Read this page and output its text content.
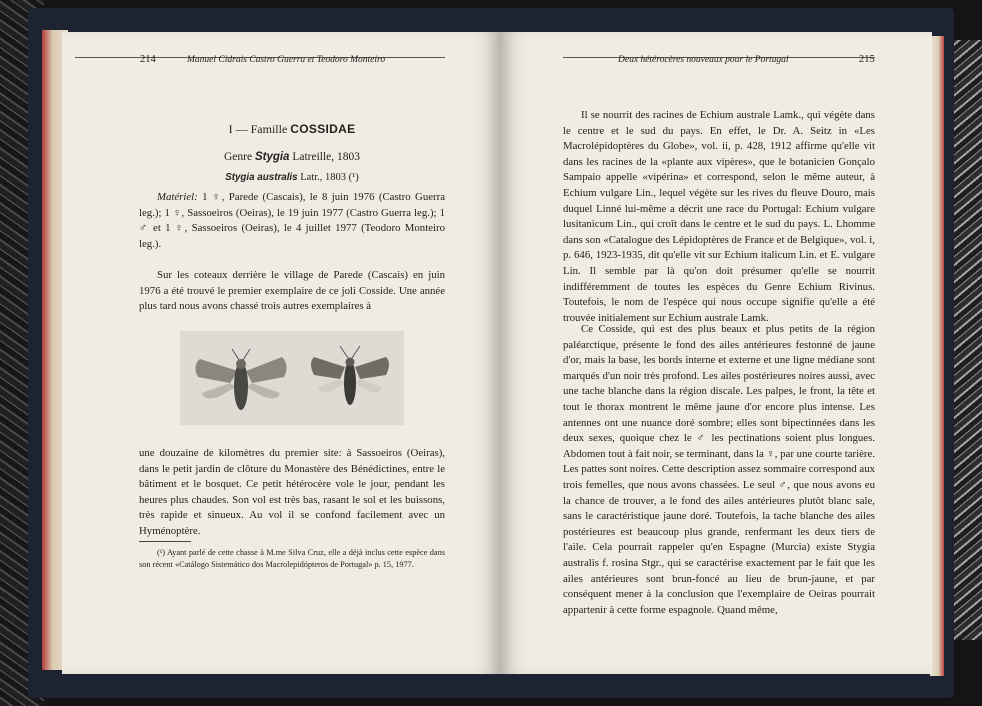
214	Manuel Cidrais Castro Guerra et Teodoro Monteiro	Deux hétérocères nouveaux pour le Portugal	215
I — Famille COSSIDAE
Genre Stygia Latreille, 1803
Stygia australis Latr., 1803 (¹)

Matériel: 1 ♀, Parede (Cascais), le 8 juin 1976 (Castro Guerra leg.); 1 ♀, Sassoeiros (Oeiras), le 19 juin 1977 (Castro Guerra leg.); 1 ♂ et 1 ♀, Sassoeiros (Oeiras), le 4 juillet 1977 (Teodoro Monteiro leg.).

Sur les coteaux derrière le village de Parede (Cascais) en juin 1976 a été trouvé le premier exemplaire de ce joli Cosside. Une année plus tard nous avons chassé trois autres exemplaires à

une douzaine de kilomètres du premier site: à Sassoeiros (Oeiras), dans le petit jardin de clôture du Monastère des Bénédictines, entre le bâtiment et le bosquet. Ce petit hétérocère vole le jour, pendant les heures plus chaudes. Son vol est très bas, rasant le sol et les buissons, très rapide et sinueux. Au vol il se confond facilement avec un Hyménoptère.

(¹) Ayant parlé de cette chasse à M.me Silva Cruz, elle a déjà inclus cette espèce dans son récent «Catálogo Sistemático dos Macrolepidópteros de Portugal» p. 15, 1977.

Il se nourrit des racines de Echium australe Lamk., qui végète dans le centre et le sud du pays. En effet, le Dr. A. Seitz in «Les Macrolépidoptères du Globe», vol. ii, p. 428, 1912 affirme qu'elle vit dans les racines de la «plante aux vipères», que le botanicien Gonçalo Sampaio appelle «vipérina» et correspond, selon le même auteur, à Echium vulgare Lin., lequel végète sur les rives du fleuve Douro, mais duquel Linné lui-même a décrit une race du Portugal: Echium vulgare lusitanicum Lin., qui croît dans le centre et le sud du pays. L. Lhomme dans son «Catalogue des Lépidoptères de France et de Belgique», vol. i, p. 646, 1923-1935, dit qu'elle vit sur Echium italicum Lin. et E. vulgare Lin. Il semble par là qu'on doit présumer qu'elle se nourrit indifféremment de toutes les espèces du Genre Echium Rivinus. Toutefois, le nom de l'espèce qui nous occupe signifie qu'elle a été trouvée initialement sur Echium australe Lamk.

Ce Cosside, qui est des plus beaux et plus petits de la région paléarctique, présente le fond des ailes antérieures festonné de jaune d'or, mais la base, les bords interne et externe et une ligne médiane sont marqués d'un noir très profond. Les ailes postérieures noires aussi, avec une tache blanche dans la région discale. Les palpes, le front, la tête et tout le thorax montrent le même jaune d'or encore plus intense. Les antennes ont une nuance doré sombre; elles sont bipectinnées dans les deux sexes, quoique chez le ♂ les pectinations soient plus longues. Abdomen tout à fait noir, se terminant, dans la ♀, par une courte tarière. Les pattes sont noires. Cette description assez sommaire correspond aux trois femelles, que nous avons chassées. Le seul ♂, que nous avons eu la chance de trouver, a le fond des ailes antérieures plutôt blanc sale, sans le caractéristique jaune doré. Toutefois, la tache blanche des ailes postérieures est beaucoup plus grande, renfermant les deux tiers de l'aile. Cela pourrait rappeler qu'en Espagne (Murcia) existe Stygia australis f. rosina Stgr., qui se caractérise exactement par le fait que les ailes antérieures sont brun-foncé au lieu de brun-jaune, et par conséquent mener à la conclusion que l'exemplaire de Oeiras pourrait appartenir à cette forme espagnole. Quand même,
